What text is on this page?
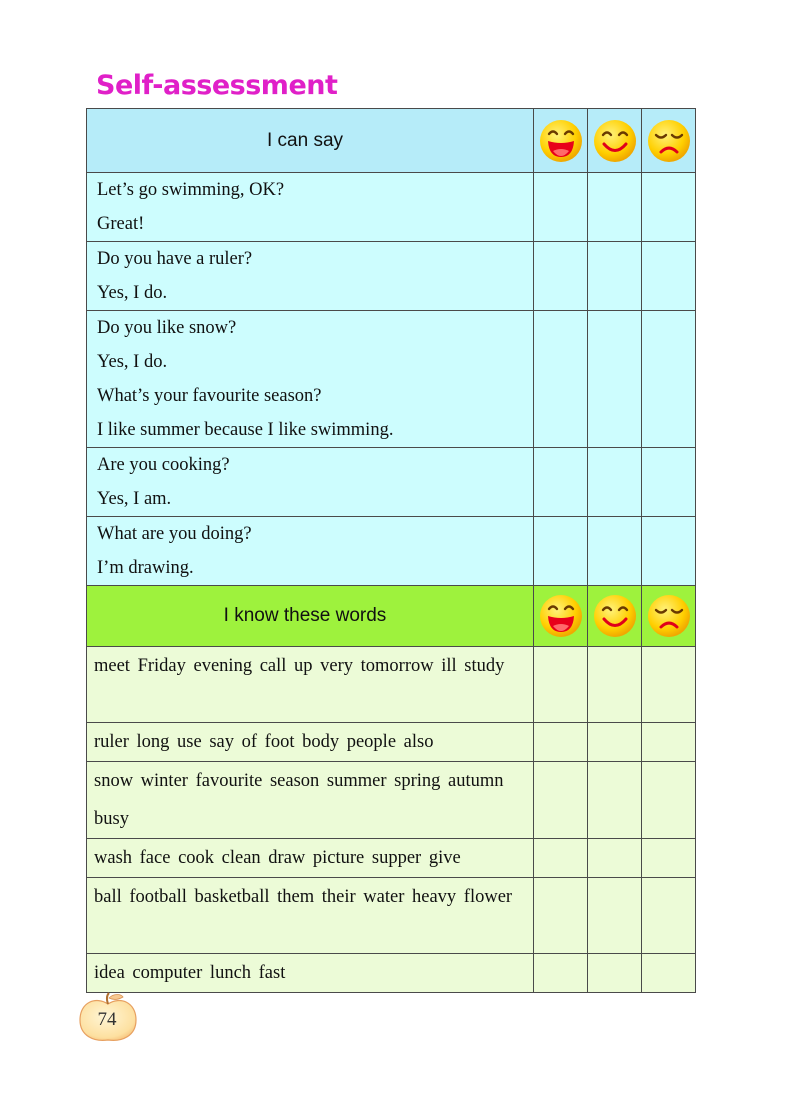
Self-assessment
I can say

Let’s go swimming, OK?
Great!			

Do you have a ruler?
Yes, I do.			

Do you like snow?
Yes, I do.
What’s your favourite season?
I like summer because I like swimming.			

Are you cooking?
Yes, I am.			

What are you doing?
I’m drawing.			

I know these words

meet Friday evening call up very tomorrow ill study			

ruler long use say of foot body people also			

snow winter favourite season summer spring autumn busy			

wash face cook clean draw picture supper give			

ball football basketball them their water heavy flower			

idea computer lunch fast			

74
